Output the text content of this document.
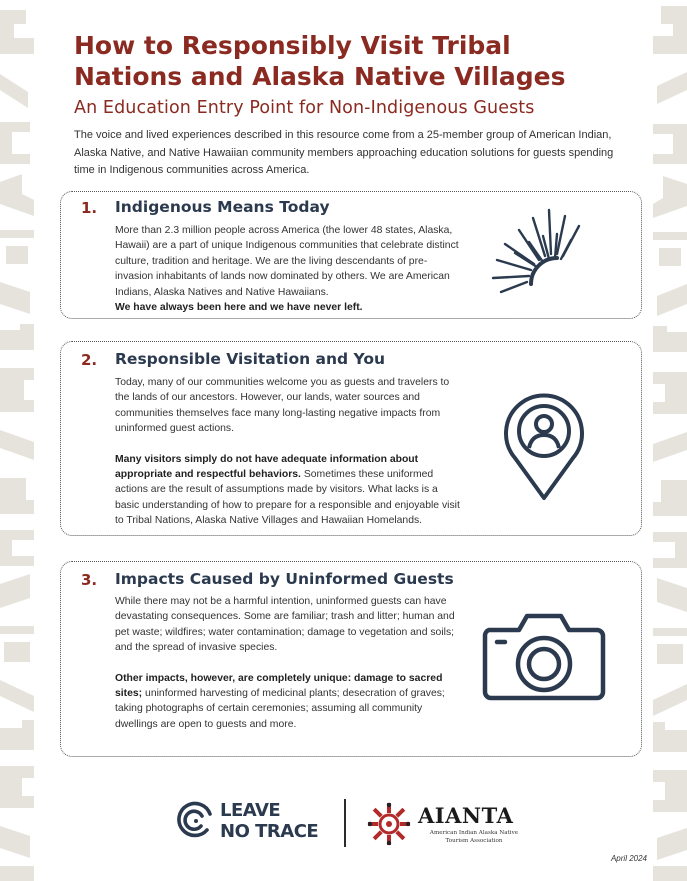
How to Responsibly Visit Tribal Nations and Alaska Native Villages
An Education Entry Point for Non-Indigenous Guests

The voice and lived experiences described in this resource come from a 25-member group of American Indian, Alaska Native, and Native Hawaiian community members approaching education solutions for guests spending time in Indigenous communities across America.

1. Indigenous Means Today
More than 2.3 million people across America (the lower 48 states, Alaska, Hawaii) are a part of unique Indigenous communities that celebrate distinct culture, tradition and heritage. We are the living descendants of pre-invasion inhabitants of lands now dominated by others. We are American Indians, Alaska Natives and Native Hawaiians.
We have always been here and we have never left.
2. Responsible Visitation and You

Today, many of our communities welcome you as guests and travelers to the lands of our ancestors. However, our lands, water sources and communities themselves face many long-lasting negative impacts from uninformed guest actions.

Many visitors simply do not have adequate information about appropriate and respectful behaviors. Sometimes these uniformed actions are the result of assumptions made by visitors. What lacks is a basic understanding of how to prepare for a responsible and enjoyable visit to Tribal Nations, Alaska Native Villages and Hawaiian Homelands.

3. Impacts Caused by Uninformed Guests

While there may not be a harmful intention, uninformed guests can have devastating consequences. Some are familiar; trash and litter; human and pet waste; wildfires; water contamination; damage to vegetation and soils; and the spread of invasive species.

Other impacts, however, are completely unique: damage to sacred sites; uninformed harvesting of medicinal plants; desecration of graves; taking photographs of certain ceremonies; assuming all community dwellings are open to guests and more.

LEAVE
NO TRACE

AIANTA

American Indian Alaska Native Tourism Association

April 2024
